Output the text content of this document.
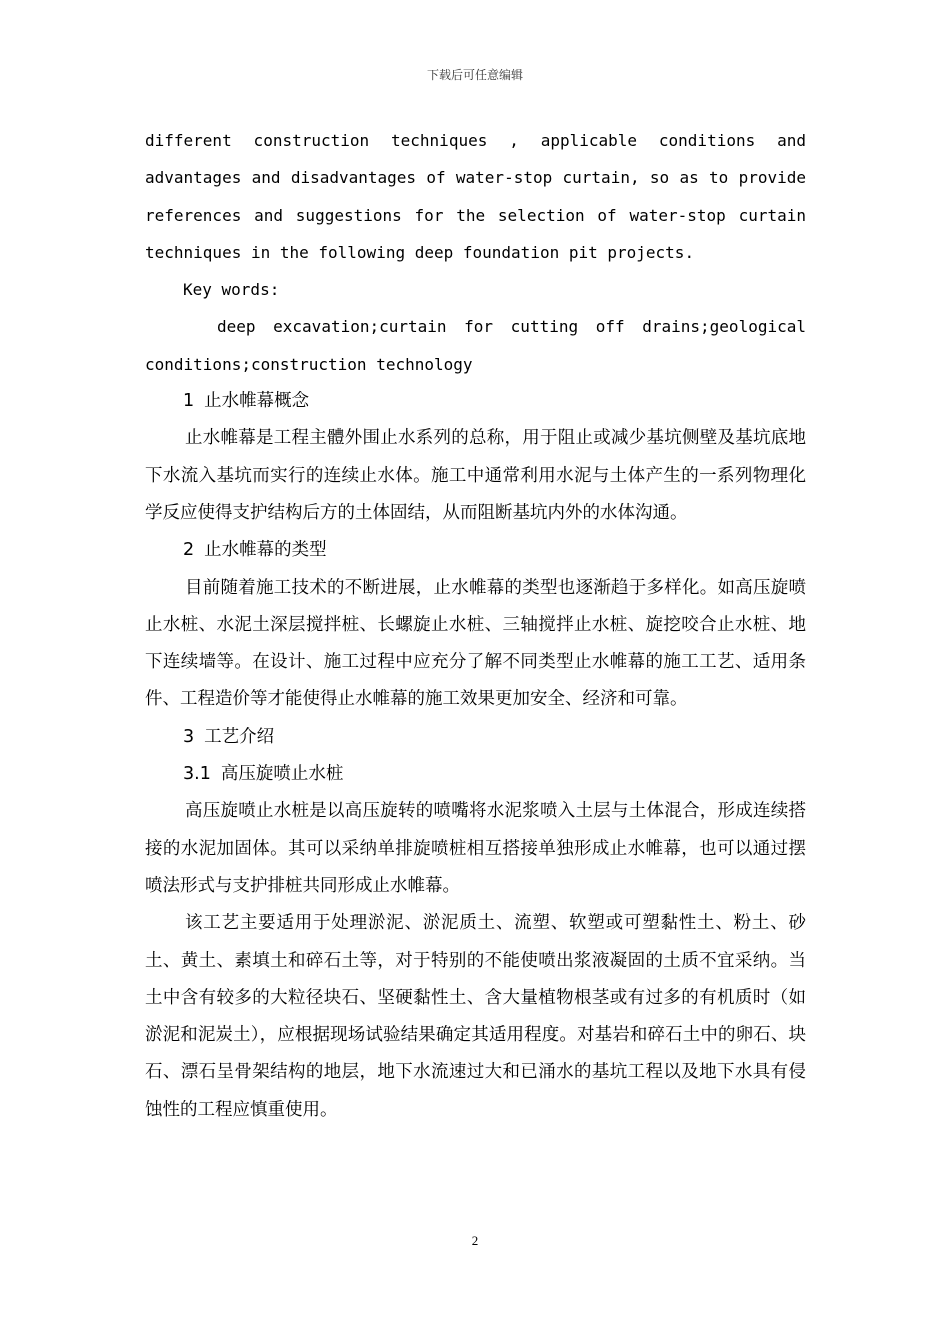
下载后可任意编辑

different construction techniques , applicable conditions and advantages and disadvantages of water-stop curtain, so as to provide references and suggestions for the selection of water-stop curtain techniques in the following deep foundation pit projects.

Key words:

deep excavation;curtain for cutting off drains;geological conditions;construction technology

1 止水帷幕概念

止水帷幕是工程主體外围止水系列的总称，用于阻止或减少基坑侧壁及基坑底地下水流入基坑而实行的连续止水体。施工中通常利用水泥与土体产生的一系列物理化学反应使得支护结构后方的土体固结，从而阻断基坑内外的水体沟通。

2 止水帷幕的类型

目前随着施工技术的不断进展，止水帷幕的类型也逐渐趋于多样化。如高压旋喷止水桩、水泥土深层搅拌桩、长螺旋止水桩、三轴搅拌止水桩、旋挖咬合止水桩、地下连续墙等。在设计、施工过程中应充分了解不同类型止水帷幕的施工工艺、适用条件、工程造价等才能使得止水帷幕的施工效果更加安全、经济和可靠。

3 工艺介绍

3.1 高压旋喷止水桩

高压旋喷止水桩是以高压旋转的喷嘴将水泥浆喷入土层与土体混合，形成连续搭接的水泥加固体。其可以采纳单排旋喷桩相互搭接单独形成止水帷幕，也可以通过摆喷法形式与支护排桩共同形成止水帷幕。

该工艺主要适用于处理淤泥、淤泥质土、流塑、软塑或可塑黏性土、粉土、砂土、黄土、素填土和碎石土等，对于特别的不能使喷出浆液凝固的土质不宜采纳。当土中含有较多的大粒径块石、坚硬黏性土、含大量植物根茎或有过多的有机质时（如淤泥和泥炭土），应根据现场试验结果确定其适用程度。对基岩和碎石土中的卵石、块石、漂石呈骨架结构的地层，地下水流速过大和已涌水的基坑工程以及地下水具有侵蚀性的工程应慎重使用。

2
